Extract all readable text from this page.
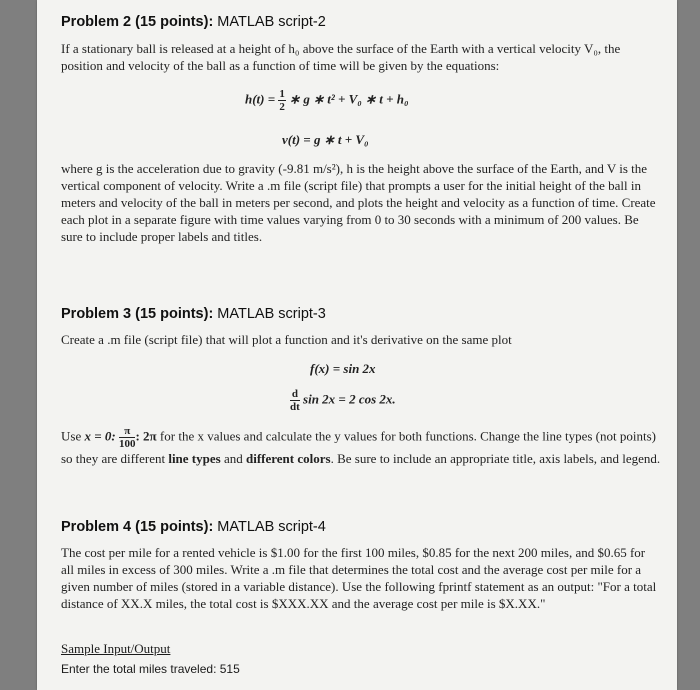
Problem 2 (15 points): MATLAB script-2

If a stationary ball is released at a height of h₀ above the surface of the Earth with a vertical velocity V₀, the position and velocity of the ball as a function of time will be given by the equations:

$h(t) = \frac{1}{2}$ ∗ g ∗ t² + V₀ ∗ t + h₀
v(t) = g ∗ t + V₀

where g is the acceleration due to gravity (-9.81 m/s²), h is the height above the surface of the Earth, and V is the vertical component of velocity. Write a .m file (script file) that prompts a user for the initial height of the ball in meters and velocity of the ball in meters per second, and plots the height and velocity as a function of time. Create each plot in a separate figure with time values varying from 0 to 30 seconds with a minimum of 200 values. Be sure to include proper labels and titles.

Problem 3 (15 points): MATLAB script-3

Create a .m file (script file) that will plot a function and it's derivative on the same plot

f(x) = sin 2x
$\frac{d}{dt}$ sin 2x = 2 cos 2x.

Use x = 0: $\frac{\pi}{100}$ : 2π for the x values and calculate the y values for both functions. Change the line types (not points) so they are different line types and different colors. Be sure to include an appropriate title, axis labels, and legend.

Problem 4 (15 points): MATLAB script-4

The cost per mile for a rented vehicle is $1.00 for the first 100 miles, $0.85 for the next 200 miles, and $0.65 for all miles in excess of 300 miles. Write a .m file that determines the total cost and the average cost per mile for a given number of miles (stored in a variable distance). Use the following fprintf statement as an output: "For a total distance of XX.X miles, the total cost is $XXX.XX and the average cost per mile is $X.XX."

Sample Input/Output
Enter the total miles traveled: 515
